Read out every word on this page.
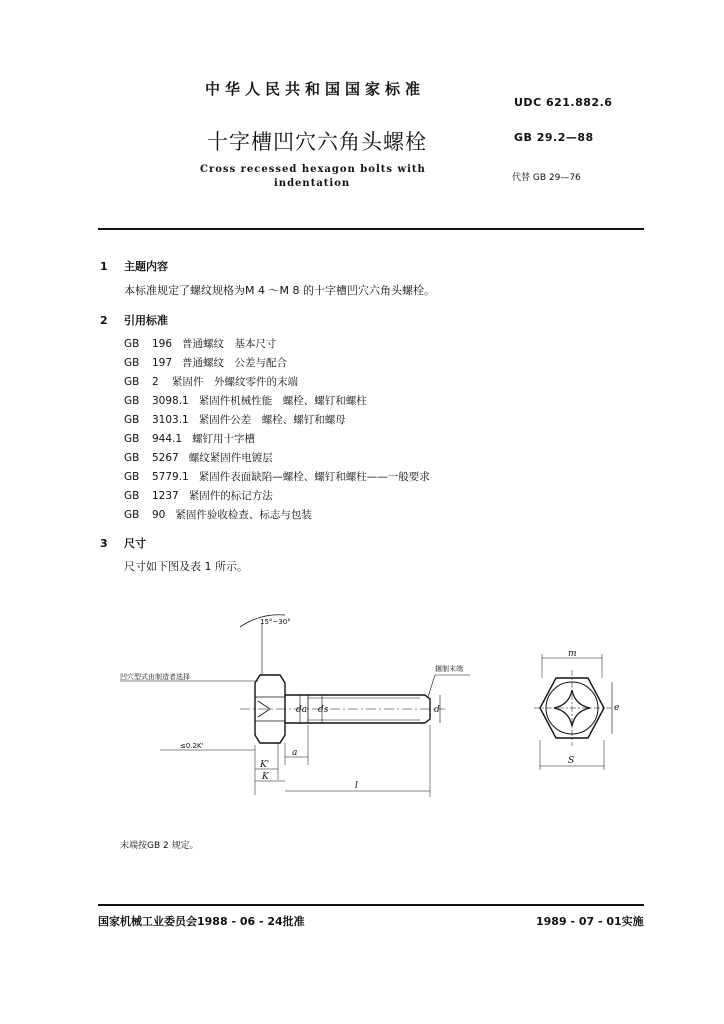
中华人民共和国国家标准
UDC 621.882.6
十字槽凹穴六角头螺栓	GB 29.2—88
Cross recessed hexagon bolts with
indentation	代替 GB 29—76
1 主题内容
本标准规定了螺纹规格为M 4 ～M 8 的十字槽凹穴六角头螺栓。
2 引用标准
GB 196 普通螺纹　基本尺寸
GB 197 普通螺纹　公差与配合
GB 2 紧固件　外螺纹零件的末端
GB 3098.1 紧固件机械性能　螺栓、螺钉和螺柱
GB 3103.1 紧固件公差　螺栓、螺钉和螺母
GB 944.1 螺钉用十字槽
GB 5267 螺纹紧固件电镀层
GB 5779.1 紧固件表面缺陷—螺栓、螺钉和螺柱——一般要求
GB 1237 紧固件的标记方法
GB 90 紧固件验收检查、标志与包装
3 尺寸
尺寸如下图及表 1 所示。
15°~30°
da ds	d
凹穴型式由制造者选择
辗制末端
≤0.2K'
a
K'
K
l
m
e
S
末端按GB 2 规定。
国家机械工业委员会1988 - 06 - 24批准	1989 - 07 - 01实施
